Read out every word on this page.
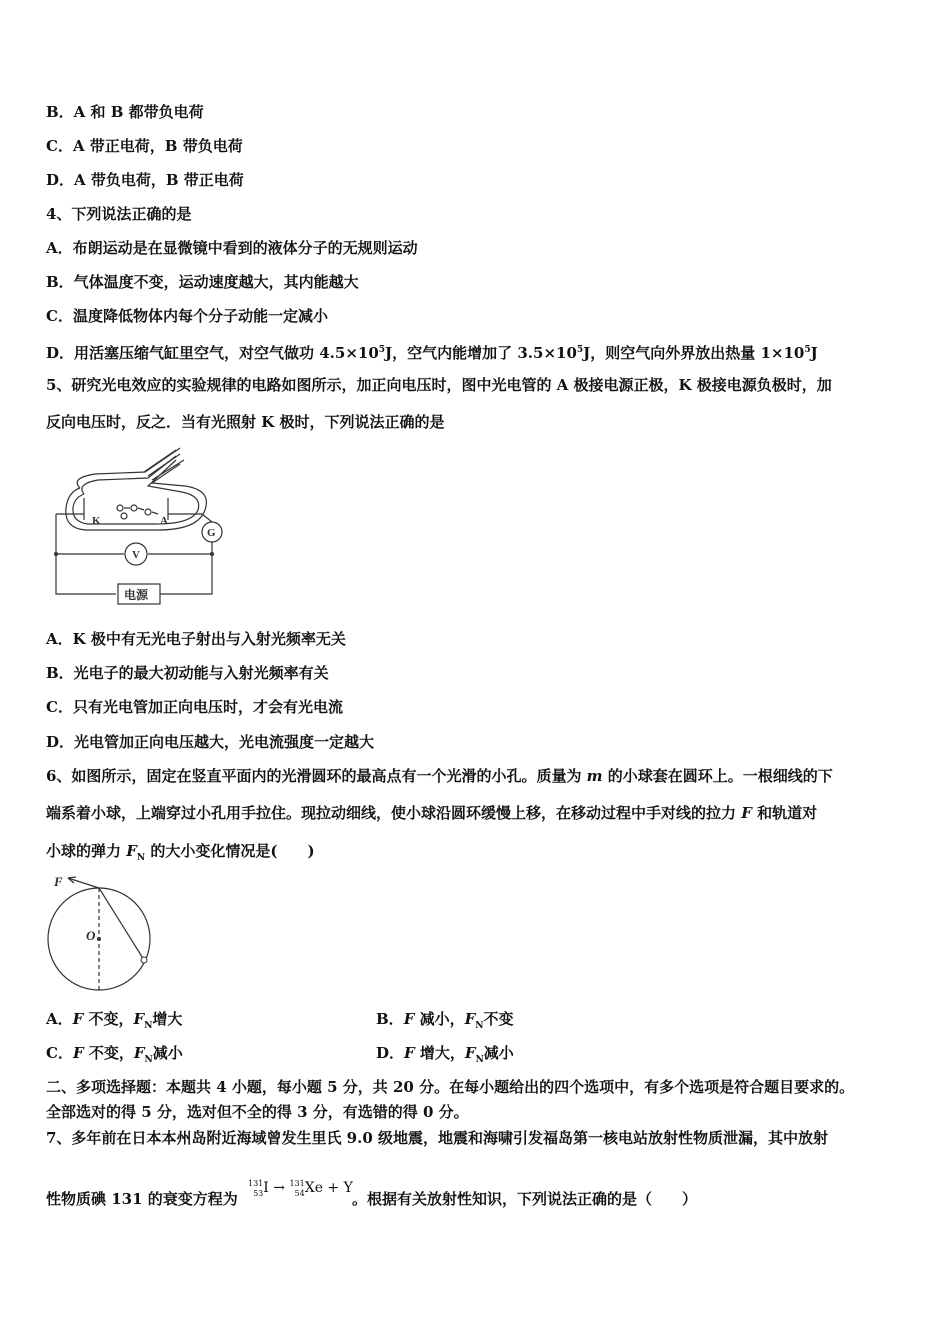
B．A 和 B 都带负电荷
C．A 带正电荷，B 带负电荷
D．A 带负电荷，B 带正电荷
4、下列说法正确的是
A．布朗运动是在显微镜中看到的液体分子的无规则运动
B．气体温度不变，运动速度越大，其内能越大
C．温度降低物体内每个分子动能一定减小
D．用活塞压缩气缸里空气，对空气做功 $4.5\times 10^5J$，空气内能增加了 $3.5\times 10^5J$，则空气向外界放出热量 $1\times 10^5J$
5、研究光电效应的实验规律的电路如图所示，加正向电压时，图中光电管的 A 极接电源正极，K 极接电源负极时，加
反向电压时，反之．当有光照射 K 极时，下列说法正确的是
K	A
G
V
电源
A．K 极中有无光电子射出与入射光频率无关
B．光电子的最大初动能与入射光频率有关
C．只有光电管加正向电压时，才会有光电流
D．光电管加正向电压越大，光电流强度一定越大
6、如图所示，固定在竖直平面内的光滑圆环的最高点有一个光滑的小孔。质量为 m 的小球套在圆环上。一根细线的下
端系着小球，上端穿过小孔用手拉住。现拉动细线，使小球沿圆环缓慢上移，在移动过程中手对线的拉力 F 和轨道对
小球的弹力 $F_N$ 的大小变化情况是(　　)
F
O
A．F 不变，$F_N$增大	B．F 减小，$F_N$不变
C．F 不变，$F_N$减小	D．F 增大，$F_N$减小
二、多项选择题：本题共 4 小题，每小题 5 分，共 20 分。在每小题给出的四个选项中，有多个选项是符合题目要求的。
全部选对的得 5 分，选对但不全的得 3 分，有选错的得 0 分。
7、多年前在日本本州岛附近海域曾发生里氏 9.0 级地震，地震和海啸引发福岛第一核电站放射性物质泄漏，其中放射
性物质碘 131 的衰变方程为
131
53I → 131
54Xe + Y
。根据有关放射性知识，下列说法正确的是（　　）
